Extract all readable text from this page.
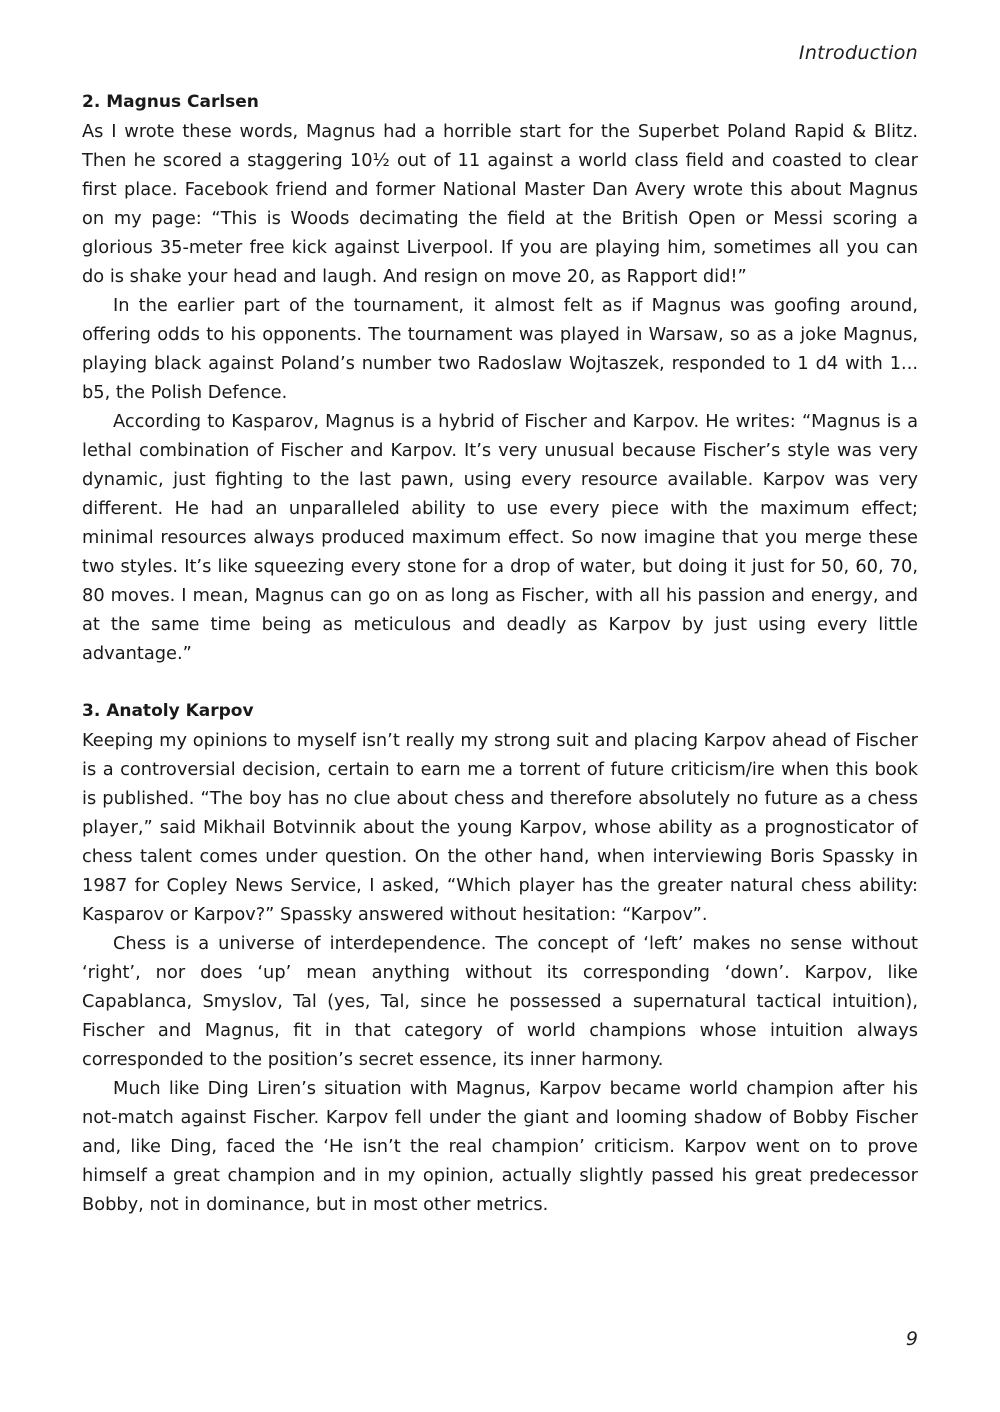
Introduction
2. Magnus Carlsen

As I wrote these words, Magnus had a horrible start for the Superbet Poland Rapid & Blitz. Then he scored a staggering 10½ out of 11 against a world class field and coasted to clear first place. Facebook friend and former National Master Dan Avery wrote this about Magnus on my page: “This is Woods decimating the field at the British Open or Messi scoring a glorious 35-meter free kick against Liverpool. If you are playing him, sometimes all you can do is shake your head and laugh. And resign on move 20, as Rapport did!”

In the earlier part of the tournament, it almost felt as if Magnus was goofing around, offering odds to his opponents. The tournament was played in Warsaw, so as a joke Magnus, playing black against Poland’s number two Radoslaw Wojtaszek, responded to 1 d4 with 1... b5, the Polish Defence.

According to Kasparov, Magnus is a hybrid of Fischer and Karpov. He writes: “Magnus is a lethal combination of Fischer and Karpov. It’s very unusual because Fischer’s style was very dynamic, just fighting to the last pawn, using every resource available. Karpov was very different. He had an unparalleled ability to use every piece with the maximum effect; minimal resources always produced maximum effect. So now imagine that you merge these two styles. It’s like squeezing every stone for a drop of water, but doing it just for 50, 60, 70, 80 moves. I mean, Magnus can go on as long as Fischer, with all his passion and energy, and at the same time being as meticulous and deadly as Karpov by just using every little advantage.”

3. Anatoly Karpov

Keeping my opinions to myself isn’t really my strong suit and placing Karpov ahead of Fischer is a controversial decision, certain to earn me a torrent of future criticism/ire when this book is published. “The boy has no clue about chess and therefore absolutely no future as a chess player,” said Mikhail Botvinnik about the young Karpov, whose ability as a prognosticator of chess talent comes under question. On the other hand, when interviewing Boris Spassky in 1987 for Copley News Service, I asked, “Which player has the greater natural chess ability: Kasparov or Karpov?” Spassky answered without hesitation: “Karpov”.

Chess is a universe of interdependence. The concept of ‘left’ makes no sense without ‘right’, nor does ‘up’ mean anything without its corresponding ‘down’. Karpov, like Capablanca, Smyslov, Tal (yes, Tal, since he possessed a supernatural tactical intuition), Fischer and Magnus, fit in that category of world champions whose intuition always corresponded to the position’s secret essence, its inner harmony.

Much like Ding Liren’s situation with Magnus, Karpov became world champion after his not-match against Fischer. Karpov fell under the giant and looming shadow of Bobby Fischer and, like Ding, faced the ‘He isn’t the real champion’ criticism. Karpov went on to prove himself a great champion and in my opinion, actually slightly passed his great predecessor Bobby, not in dominance, but in most other metrics.

9
